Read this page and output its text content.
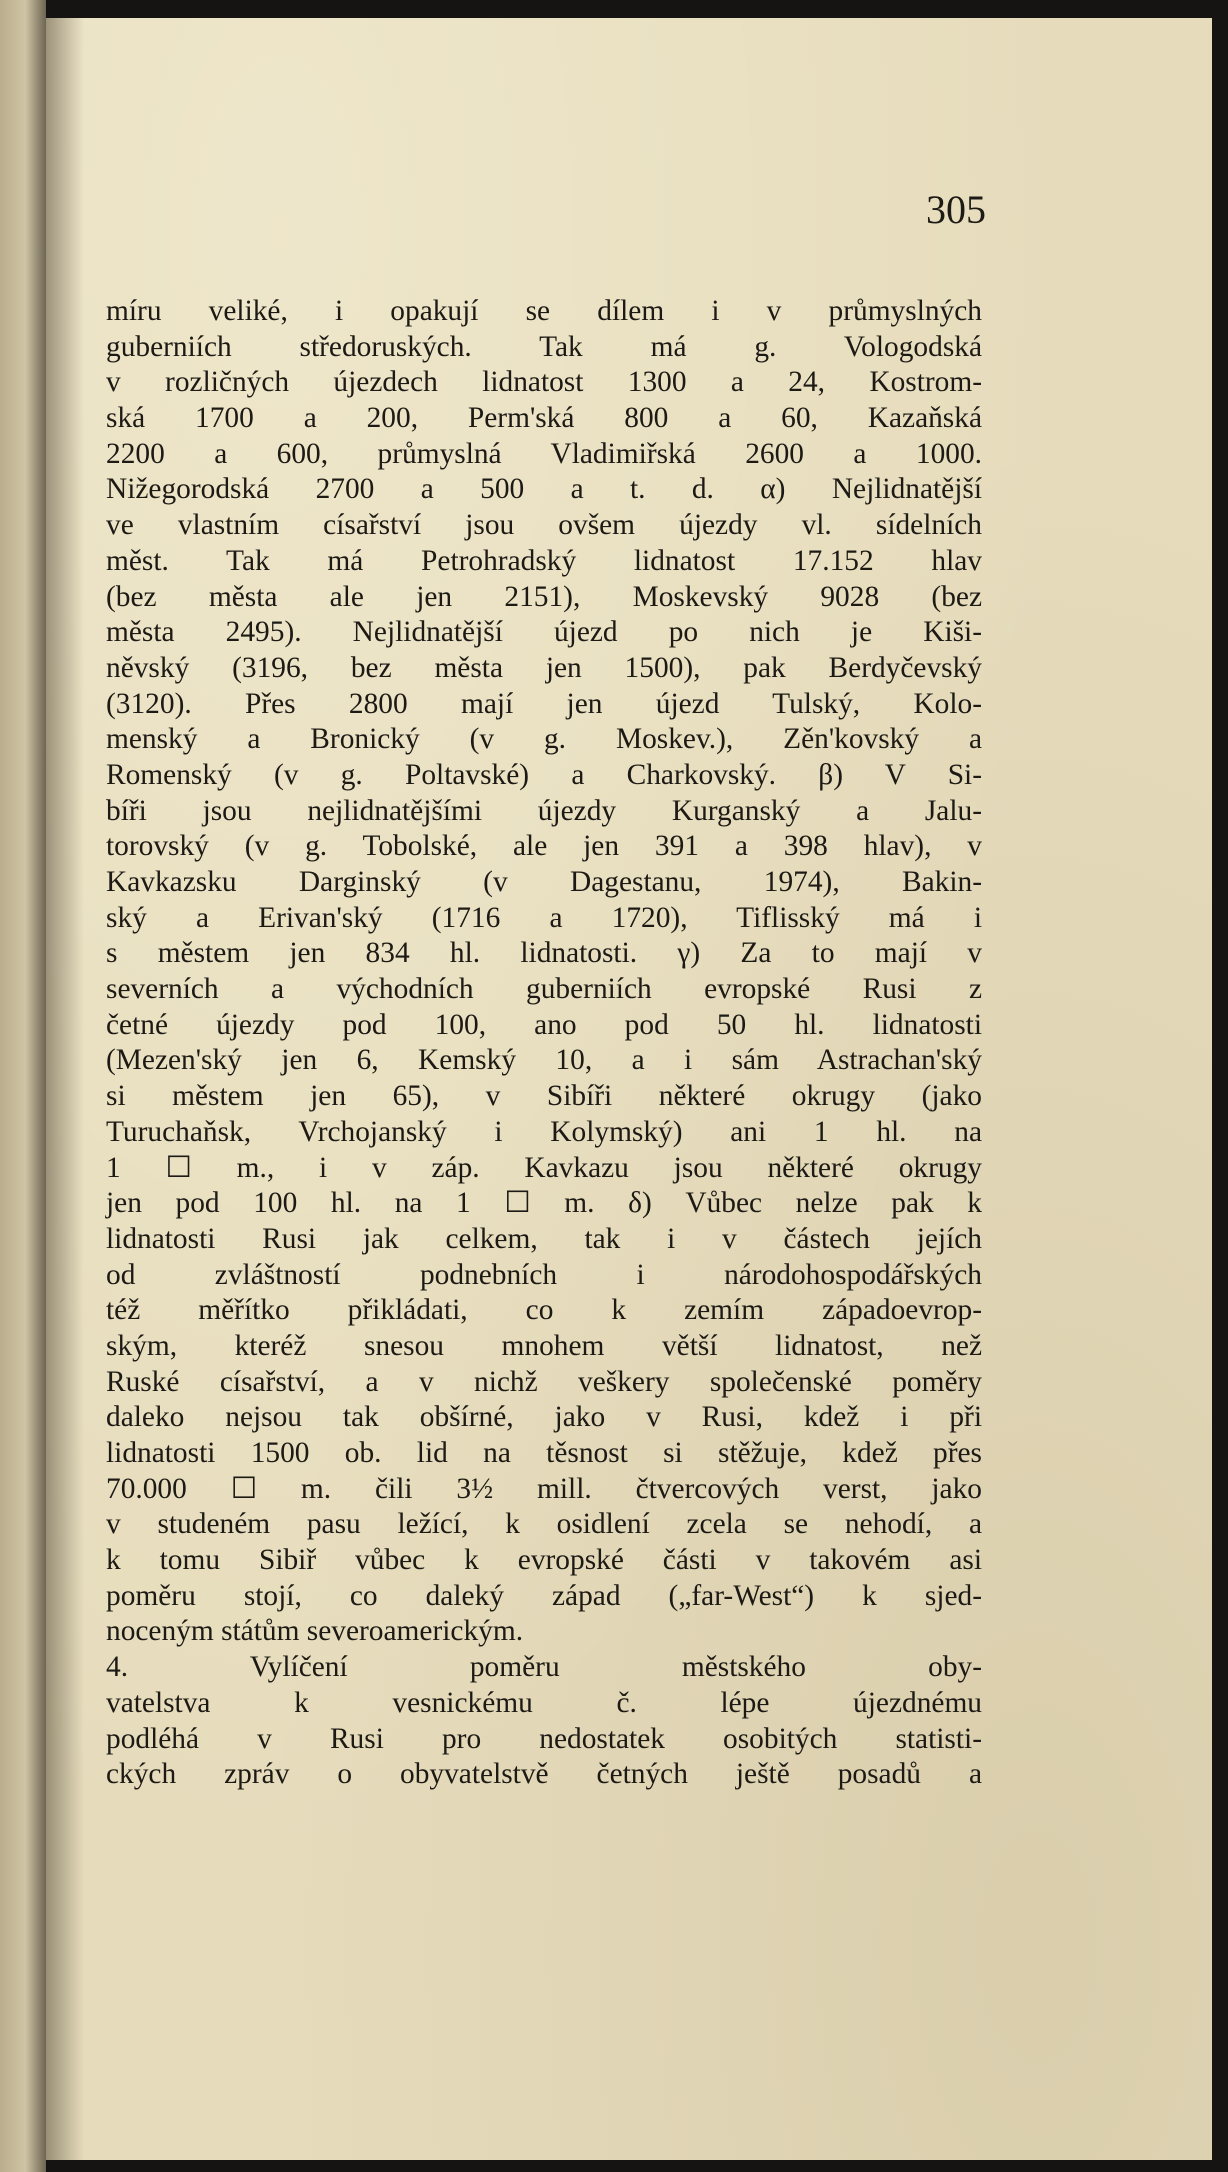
305
míru veliké, i opakují se dílem i v průmyslných
guberniích středoruských. Tak má g. Vologodská
v rozličných újezdech lidnatost 1300 a 24, Kostrom-
ská 1700 a 200, Perm'ská 800 a 60, Kazaňská
2200 a 600, průmyslná Vladimiřská 2600 a 1000.
Nižegorodská 2700 a 500 a t. d. α) Nejlidnatější
ve vlastním císařství jsou ovšem újezdy vl. sídelních
měst. Tak má Petrohradský lidnatost 17.152 hlav
(bez města ale jen 2151), Moskevský 9028 (bez
města 2495). Nejlidnatější újezd po nich je Kiši-
něvský (3196, bez města jen 1500), pak Berdyčevský
(3120). Přes 2800 mají jen újezd Tulský, Kolo-
menský a Bronický (v g. Moskev.), Zěn'kovský a
Romenský (v g. Poltavské) a Charkovský. β) V Si-
bíři jsou nejlidnatějšími újezdy Kurganský a Jalu-
torovský (v g. Tobolské, ale jen 391 a 398 hlav), v
Kavkazsku Darginský (v Dagestanu, 1974), Bakin-
ský a Erivan'ský (1716 a 1720), Tiflisský má i
s městem jen 834 hl. lidnatosti. γ) Za to mají v
severních a východních guberniích evropské Rusi z
četné újezdy pod 100, ano pod 50 hl. lidnatosti
(Mezen'ský jen 6, Kemský 10, a i sám Astrachan'ský
si městem jen 65), v Sibíři některé okrugy (jako
Turuchaňsk, Vrchojanský i Kolymský) ani 1 hl. na
1 ☐ m., i v záp. Kavkazu jsou některé okrugy
jen pod 100 hl. na 1 ☐ m. δ) Vůbec nelze pak k
lidnatosti Rusi jak celkem, tak i v částech jejích
od zvláštností podnebních i národohospodářských
též měřítko přikládati, co k zemím západoevrop-
ským, kteréž snesou mnohem větší lidnatost, než
Ruské císařství, a v nichž veškery společenské poměry
daleko nejsou tak obšírné, jako v Rusi, kdež i při
lidnatosti 1500 ob. lid na těsnost si stěžuje, kdež přes
70.000 ☐ m. čili 3½ mill. čtvercových verst, jako
v studeném pasu ležící, k osidlení zcela se nehodí, a
k tomu Sibiř vůbec k evropské části v takovém asi
poměru stojí, co daleký západ („far-West“) k sjed-
noceným státům severoamerickým.
4. Vylíčení poměru městského oby-
vatelstva k vesnickému č. lépe újezdnému
podléhá v Rusi pro nedostatek osobitých statisti-
ckých zpráv o obyvatelstvě četných ještě posadů a
